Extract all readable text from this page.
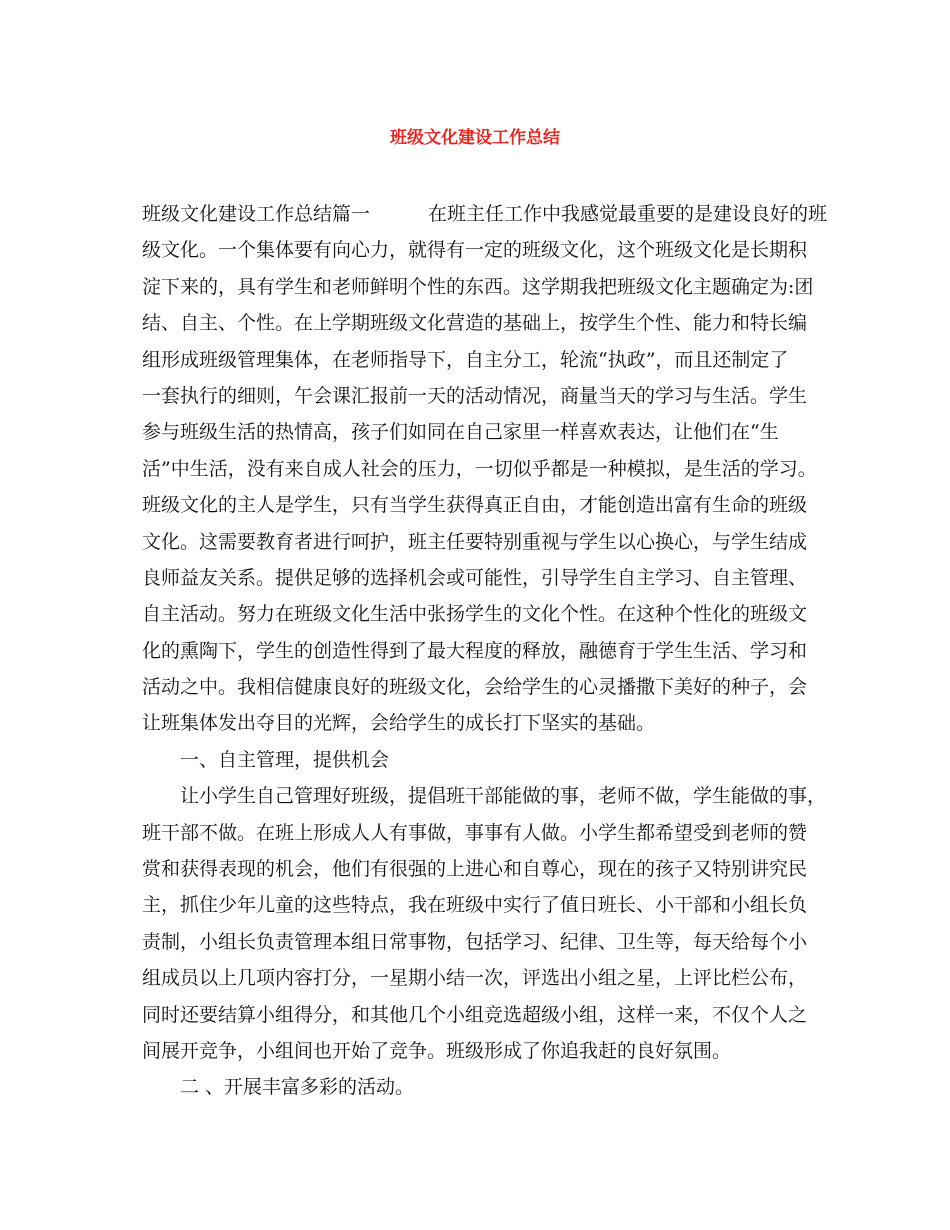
班级文化建设工作总结
班级文化建设工作总结篇一	在班主任工作中我感觉最重要的是建设良好的班
级文化。一个集体要有向心力，就得有一定的班级文化，这个班级文化是长期积
淀下来的，具有学生和老师鲜明个性的东西。这学期我把班级文化主题确定为:团
结、自主、个性。在上学期班级文化营造的基础上，按学生个性、能力和特长编
组形成班级管理集体，在老师指导下，自主分工，轮流“执政”，而且还制定了
一套执行的细则，午会课汇报前一天的活动情况，商量当天的学习与生活。学生
参与班级生活的热情高，孩子们如同在自己家里一样喜欢表达，让他们在“生
活”中生活，没有来自成人社会的压力，一切似乎都是一种模拟，是生活的学习。
班级文化的主人是学生，只有当学生获得真正自由，才能创造出富有生命的班级
文化。这需要教育者进行呵护，班主任要特别重视与学生以心换心，与学生结成
良师益友关系。提供足够的选择机会或可能性，引导学生自主学习、自主管理、
自主活动。努力在班级文化生活中张扬学生的文化个性。在这种个性化的班级文
化的熏陶下，学生的创造性得到了最大程度的释放，融德育于学生生活、学习和
活动之中。我相信健康良好的班级文化，会给学生的心灵播撒下美好的种子，会
让班集体发出夺目的光辉，会给学生的成长打下坚实的基础。
一、自主管理，提供机会
让小学生自己管理好班级，提倡班干部能做的事，老师不做，学生能做的事，
班干部不做。在班上形成人人有事做，事事有人做。小学生都希望受到老师的赞
赏和获得表现的机会，他们有很强的上进心和自尊心，现在的孩子又特别讲究民
主，抓住少年儿童的这些特点，我在班级中实行了值日班长、小干部和小组长负
责制，小组长负责管理本组日常事物，包括学习、纪律、卫生等，每天给每个小
组成员以上几项内容打分，一星期小结一次，评选出小组之星，上评比栏公布，
同时还要结算小组得分，和其他几个小组竞选超级小组，这样一来，不仅个人之
间展开竞争，小组间也开始了竞争。班级形成了你追我赶的良好氛围。
二 、开展丰富多彩的活动。
